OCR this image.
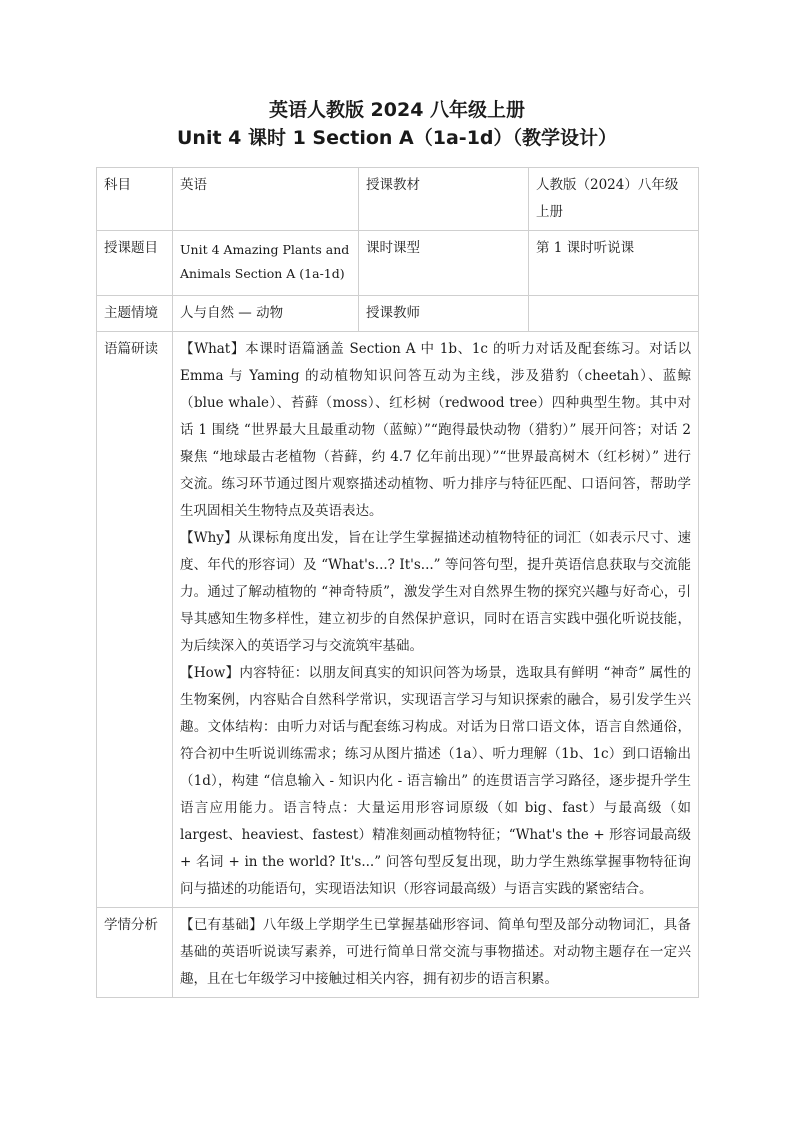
英语人教版 2024 八年级上册
Unit 4 课时 1 Section A（1a-1d）（教学设计）
科目	英语	授课教材	人教版（2024）八年级上册
授课题目	Unit 4 Amazing Plants and Animals Section A (1a-1d)	课时课型	第 1 课时听说课
主题情境	人与自然 — 动物	授课教师	
语篇研读	【What】本课时语篇涵盖 Section A 中 1b、1c 的听力对话及配套练习。对话以 Emma 与 Yaming 的动植物知识问答互动为主线，涉及猎豹（cheetah）、蓝鲸（blue whale）、苔藓（moss）、红杉树（redwood tree）四种典型生物。其中对话 1 围绕 “世界最大且最重动物（蓝鲸）”“跑得最快动物（猎豹）” 展开问答；对话 2 聚焦 “地球最古老植物（苔藓，约 4.7 亿年前出现）”“世界最高树木（红杉树）” 进行交流。练习环节通过图片观察描述动植物、听力排序与特征匹配、口语问答，帮助学生巩固相关生物特点及英语表达。

【Why】从课标角度出发，旨在让学生掌握描述动植物特征的词汇（如表示尺寸、速度、年代的形容词）及 “What's...? It's...” 等问答句型，提升英语信息获取与交流能力。通过了解动植物的 “神奇特质”，激发学生对自然界生物的探究兴趣与好奇心，引导其感知生物多样性，建立初步的自然保护意识，同时在语言实践中强化听说技能，为后续深入的英语学习与交流筑牢基础。

【How】内容特征：以朋友间真实的知识问答为场景，选取具有鲜明 “神奇” 属性的生物案例，内容贴合自然科学常识，实现语言学习与知识探索的融合，易引发学生兴趣。文体结构：由听力对话与配套练习构成。对话为日常口语文体，语言自然通俗，符合初中生听说训练需求；练习从图片描述（1a）、听力理解（1b、1c）到口语输出（1d），构建 “信息输入 - 知识内化 - 语言输出” 的连贯语言学习路径，逐步提升学生语言应用能力。语言特点：大量运用形容词原级（如 big、fast）与最高级（如 largest、heaviest、fastest）精准刻画动植物特征；“What's the + 形容词最高级 + 名词 + in the world? It's...” 问答句型反复出现，助力学生熟练掌握事物特征询问与描述的功能语句，实现语法知识（形容词最高级）与语言实践的紧密结合。		

学情分析	【已有基础】八年级上学期学生已掌握基础形容词、简单句型及部分动物词汇，具备基础的英语听说读写素养，可进行简单日常交流与事物描述。对动物主题存在一定兴趣，且在七年级学习中接触过相关内容，拥有初步的语言积累。		
